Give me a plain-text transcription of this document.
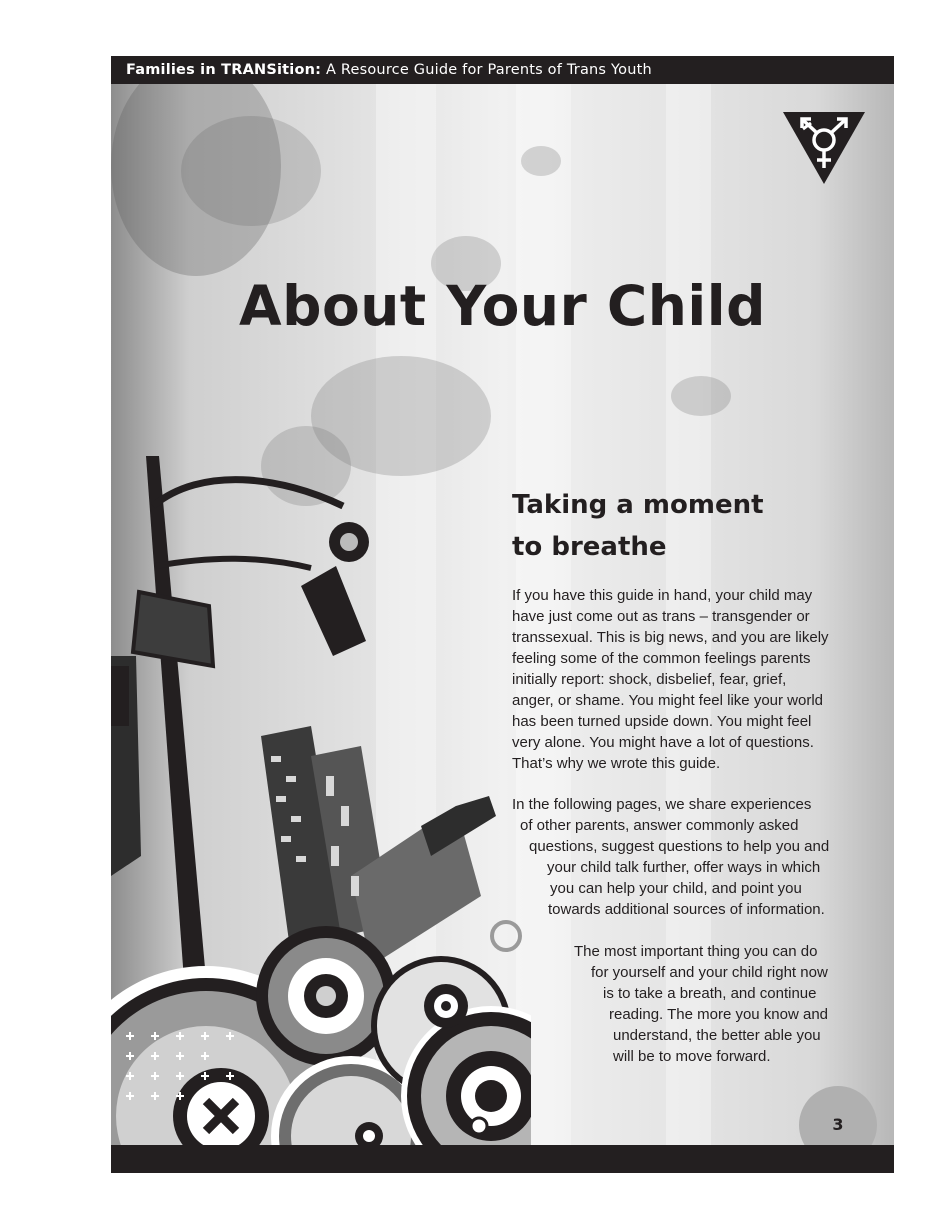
Families in TRANSition: A Resource Guide for Parents of Trans Youth
About Your Child
Taking a moment
to breathe
If you have this guide in hand, your child may
have just come out as trans – transgender or
transsexual. This is big news, and you are likely
feeling some of the common feelings parents
initially report: shock, disbelief, fear, grief,
anger, or shame. You might feel like your world
has been turned upside down. You might feel
very alone. You might have a lot of questions.
That’s why we wrote this guide.
In the following pages, we share experiences
of other parents, answer commonly asked
questions, suggest questions to help you and
your child talk further, offer ways in which
you can help your child, and point you
towards additional sources of information.
The most important thing you can do
for yourself and your child right now
is to take a breath, and continue
reading. The more you know and
understand, the better able you
will be to move forward.
3
